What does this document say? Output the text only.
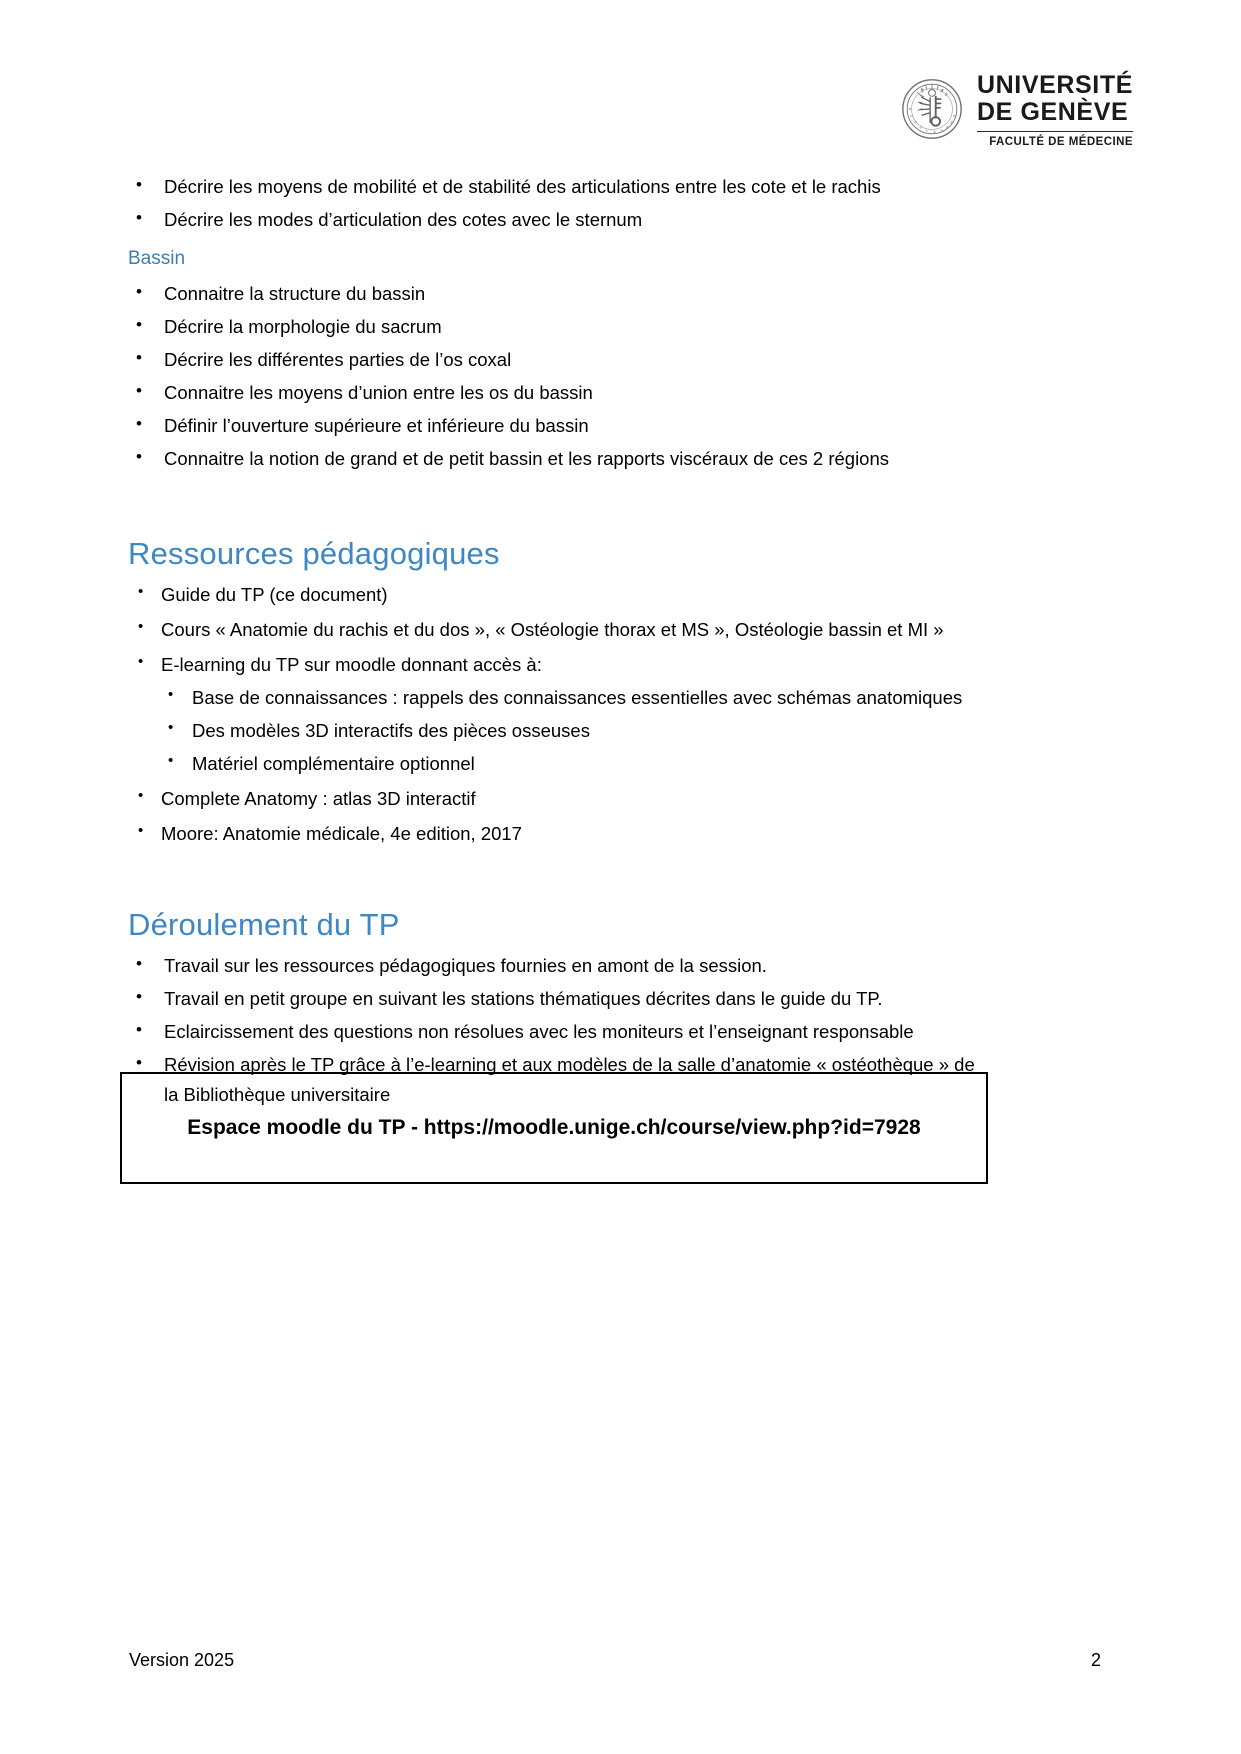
1
8 5
9
S
C
H
O
L A G
E
N
E
UNIVERSITÉ
DE GENÈVE
FACULTÉ DE MÉDECINE
• Décrire les moyens de mobilité et de stabilité des articulations entre les cote et le rachis
• Décrire les modes d’articulation des cotes avec le sternum
Bassin
• Connaitre la structure du bassin
• Décrire la morphologie du sacrum
• Décrire les différentes parties de l’os coxal
• Connaitre les moyens d’union entre les os du bassin
• Définir l’ouverture supérieure et inférieure du bassin
• Connaitre la notion de grand et de petit bassin et les rapports viscéraux de ces 2 régions
Ressources pédagogiques
• Guide du TP (ce document)
• Cours « Anatomie du rachis et du dos », « Ostéologie thorax et MS », Ostéologie bassin et MI »
• E-learning du TP sur moodle donnant accès à:
• Base de connaissances : rappels des connaissances essentielles avec schémas anatomiques
• Des modèles 3D interactifs des pièces osseuses
• Matériel complémentaire optionnel
• Complete Anatomy : atlas 3D interactif
• Moore: Anatomie médicale, 4e edition, 2017
Déroulement du TP
• Travail sur les ressources pédagogiques fournies en amont de la session.
• Travail en petit groupe en suivant les stations thématiques décrites dans le guide du TP.
• Eclaircissement des questions non résolues avec les moniteurs et l’enseignant responsable
• Révision après le TP grâce à l’e-learning et aux modèles de la salle d’anatomie « ostéothèque » de la Bibliothèque universitaire
Espace moodle du TP - https://moodle.unige.ch/course/view.php?id=7928
Version 2025	2
